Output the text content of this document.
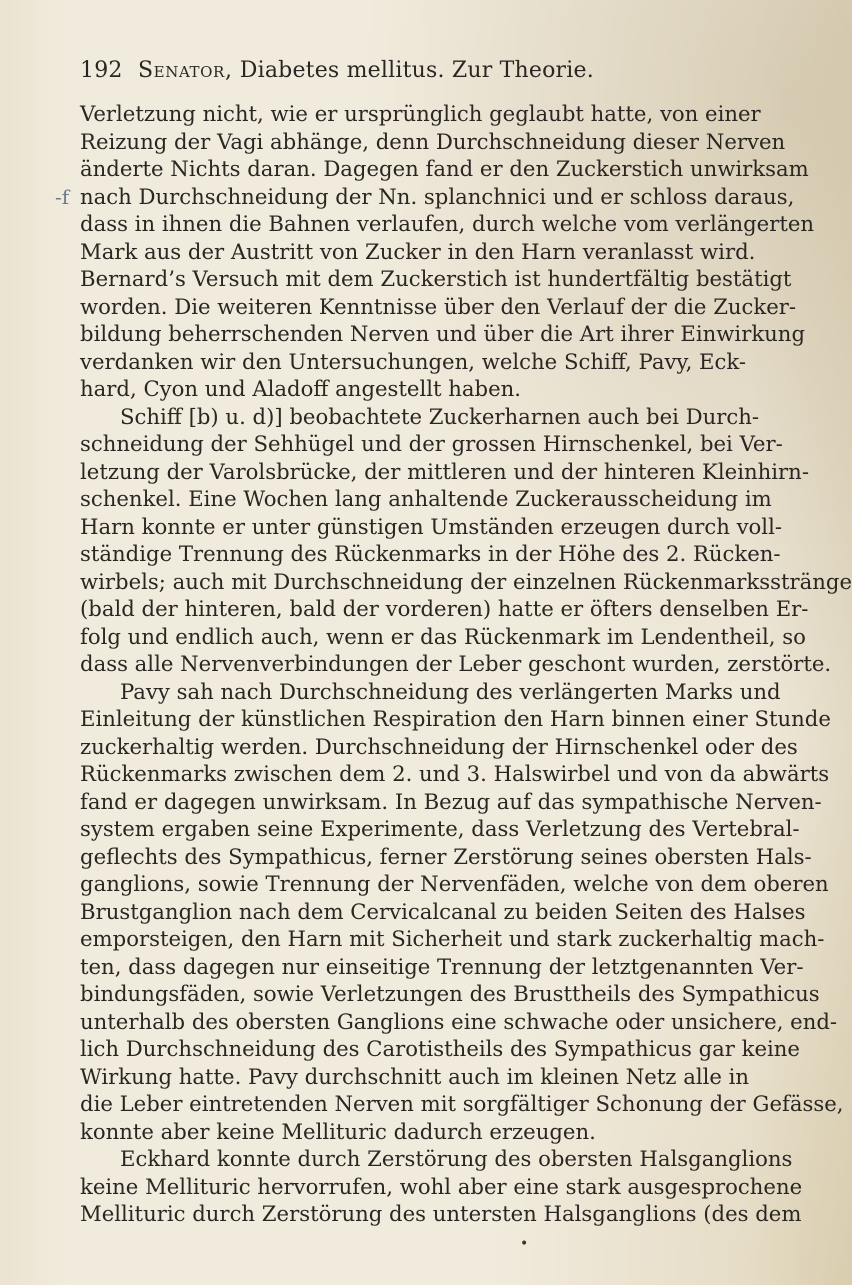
192 Senator, Diabetes mellitus. Zur Theorie.
-f
Verletzung nicht, wie er ursprünglich geglaubt hatte, von einer
Reizung der Vagi abhänge, denn Durchschneidung dieser Nerven
änderte Nichts daran. Dagegen fand er den Zuckerstich unwirksam
nach Durchschneidung der Nn. splanchnici und er schloss daraus,
dass in ihnen die Bahnen verlaufen, durch welche vom verlängerten
Mark aus der Austritt von Zucker in den Harn veranlasst wird.
Bernard’s Versuch mit dem Zuckerstich ist hundertfältig bestätigt
worden. Die weiteren Kenntnisse über den Verlauf der die Zucker-
bildung beherrschenden Nerven und über die Art ihrer Einwirkung
verdanken wir den Untersuchungen, welche Schiff, Pavy, Eck-
hard, Cyon und Aladoff angestellt haben.
Schiff [b) u. d)] beobachtete Zuckerharnen auch bei Durch-
schneidung der Sehhügel und der grossen Hirnschenkel, bei Ver-
letzung der Varolsbrücke, der mittleren und der hinteren Kleinhirn-
schenkel. Eine Wochen lang anhaltende Zuckerausscheidung im
Harn konnte er unter günstigen Umständen erzeugen durch voll-
ständige Trennung des Rückenmarks in der Höhe des 2. Rücken-
wirbels; auch mit Durchschneidung der einzelnen Rückenmarksstränge
(bald der hinteren, bald der vorderen) hatte er öfters denselben Er-
folg und endlich auch, wenn er das Rückenmark im Lendentheil, so
dass alle Nervenverbindungen der Leber geschont wurden, zerstörte.
Pavy sah nach Durchschneidung des verlängerten Marks und
Einleitung der künstlichen Respiration den Harn binnen einer Stunde
zuckerhaltig werden. Durchschneidung der Hirnschenkel oder des
Rückenmarks zwischen dem 2. und 3. Halswirbel und von da abwärts
fand er dagegen unwirksam. In Bezug auf das sympathische Nerven-
system ergaben seine Experimente, dass Verletzung des Vertebral-
geflechts des Sympathicus, ferner Zerstörung seines obersten Hals-
ganglions, sowie Trennung der Nervenfäden, welche von dem oberen
Brustganglion nach dem Cervicalcanal zu beiden Seiten des Halses
emporsteigen, den Harn mit Sicherheit und stark zuckerhaltig mach-
ten, dass dagegen nur einseitige Trennung der letztgenannten Ver-
bindungsfäden, sowie Verletzungen des Brusttheils des Sympathicus
unterhalb des obersten Ganglions eine schwache oder unsichere, end-
lich Durchschneidung des Carotistheils des Sympathicus gar keine
Wirkung hatte. Pavy durchschnitt auch im kleinen Netz alle in
die Leber eintretenden Nerven mit sorgfältiger Schonung der Gefässe,
konnte aber keine Mellituric dadurch erzeugen.
Eckhard konnte durch Zerstörung des obersten Halsganglions
keine Mellituric hervorrufen, wohl aber eine stark ausgesprochene
Mellituric durch Zerstörung des untersten Halsganglions (des dem
•
